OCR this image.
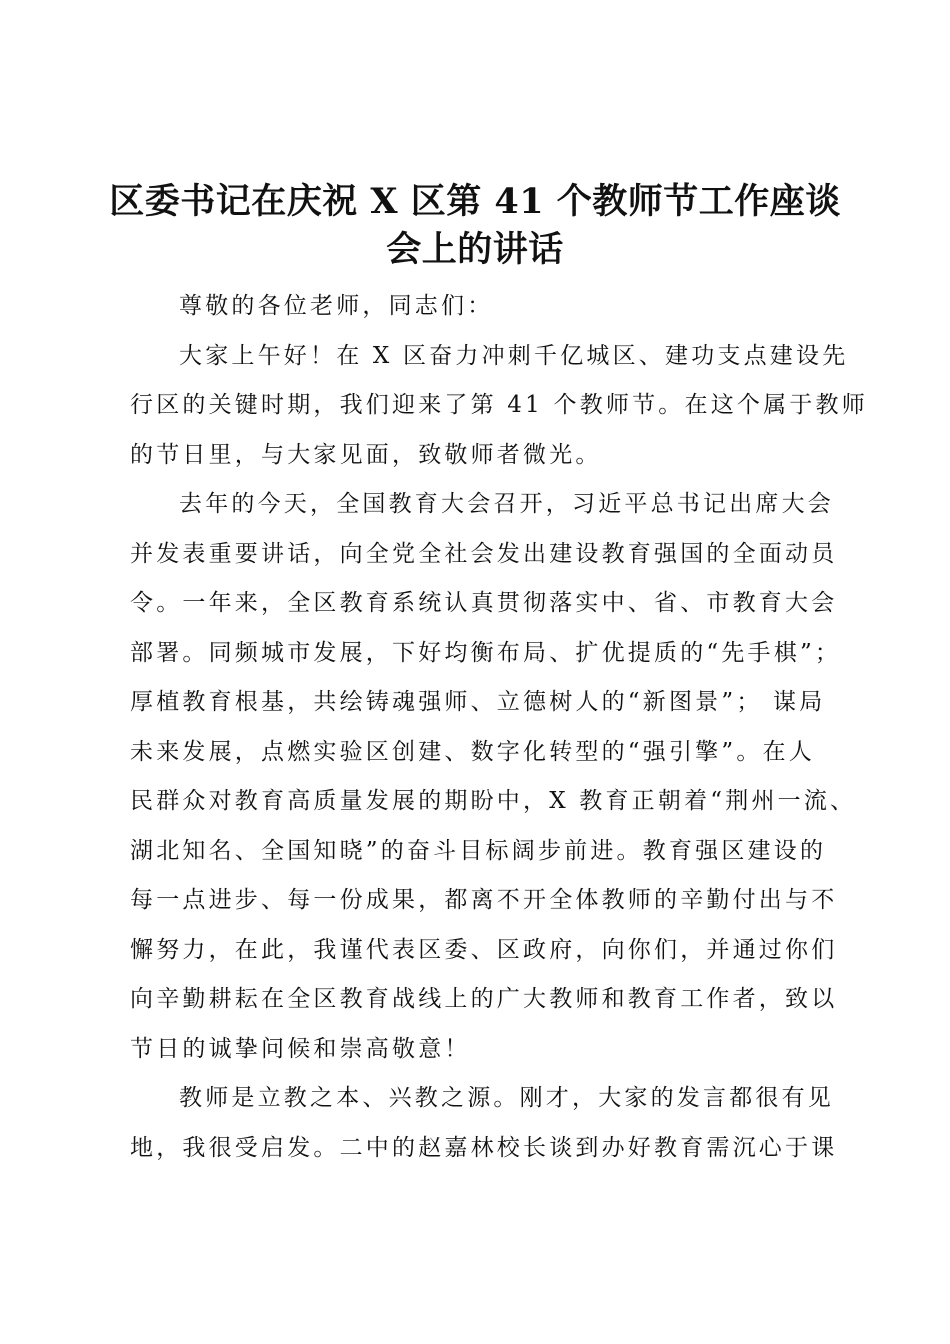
区委书记在庆祝 X 区第 41 个教师节工作座谈
会上的讲话

尊敬的各位老师，同志们：

大家上午好！在 X 区奋力冲刺千亿城区、建功支点建设先
行区的关键时期，我们迎来了第 41 个教师节。在这个属于教师
的节日里，与大家见面，致敬师者微光。

去年的今天，全国教育大会召开，习近平总书记出席大会
并发表重要讲话，向全党全社会发出建设教育强国的全面动员
令。一年来，全区教育系统认真贯彻落实中、省、市教育大会
部署。同频城市发展，下好均衡布局、扩优提质的“先手棋”；
厚植教育根基，共绘铸魂强师、立德树人的“新图景”； 谋局
未来发展，点燃实验区创建、数字化转型的“强引擎”。在人
民群众对教育高质量发展的期盼中，X 教育正朝着“荆州一流、
湖北知名、全国知晓”的奋斗目标阔步前进。教育强区建设的
每一点进步、每一份成果，都离不开全体教师的辛勤付出与不
懈努力，在此，我谨代表区委、区政府，向你们，并通过你们
向辛勤耕耘在全区教育战线上的广大教师和教育工作者，致以
节日的诚挚问候和崇高敬意！

教师是立教之本、兴教之源。刚才，大家的发言都很有见
地，我很受启发。二中的赵嘉林校长谈到办好教育需沉心于课
